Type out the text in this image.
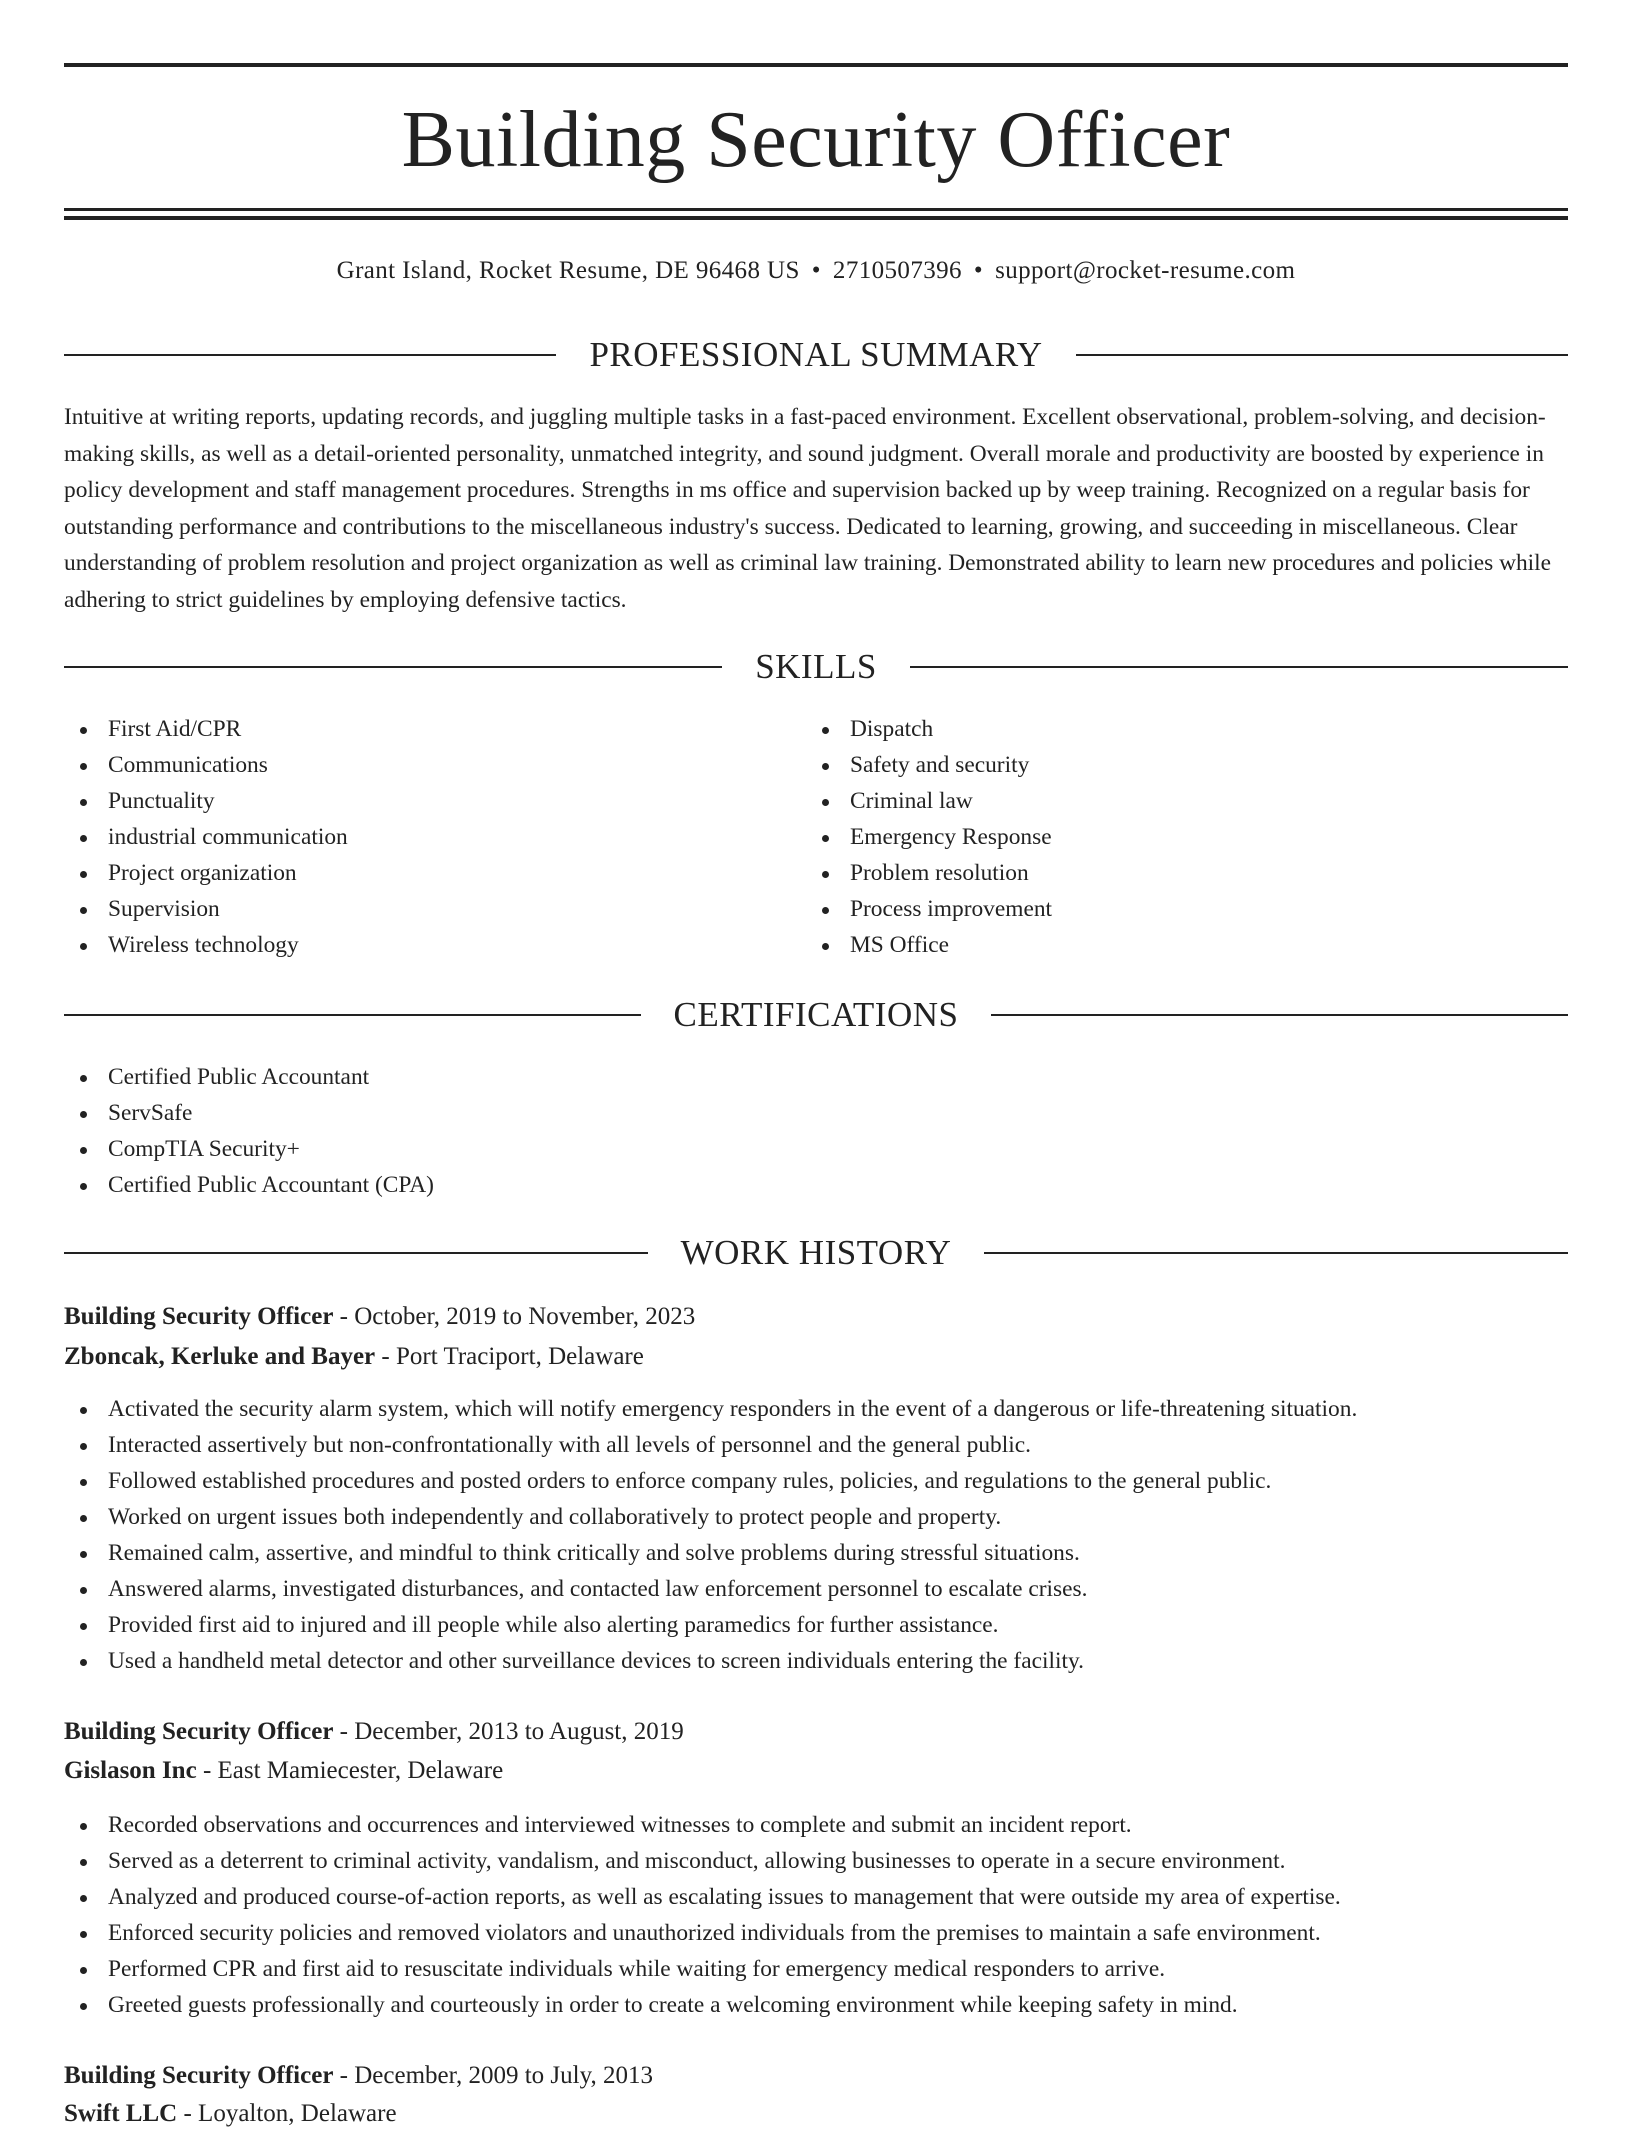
Building Security Officer
Grant Island, Rocket Resume, DE 96468 US • 2710507396 • support@rocket-resume.com
PROFESSIONAL SUMMARY

Intuitive at writing reports, updating records, and juggling multiple tasks in a fast-paced environment. Excellent observational, problem-solving, and decision-making skills, as well as a detail-oriented personality, unmatched integrity, and sound judgment. Overall morale and productivity are boosted by experience in policy development and staff management procedures. Strengths in ms office and supervision backed up by weep training. Recognized on a regular basis for outstanding performance and contributions to the miscellaneous industry's success. Dedicated to learning, growing, and succeeding in miscellaneous. Clear understanding of problem resolution and project organization as well as criminal law training. Demonstrated ability to learn new procedures and policies while adhering to strict guidelines by employing defensive tactics.

SKILLS
First Aid/CPR
Communications
Punctuality
industrial communication
Project organization
Supervision
Wireless technology
Dispatch
Safety and security
Criminal law
Emergency Response
Problem resolution
Process improvement
MS Office
CERTIFICATIONS
Certified Public Accountant
ServSafe
CompTIA Security+
Certified Public Accountant (CPA)
WORK HISTORY
Building Security Officer - October, 2019 to November, 2023
Zboncak, Kerluke and Bayer - Port Traciport, Delaware
Activated the security alarm system, which will notify emergency responders in the event of a dangerous or life-threatening situation.
Interacted assertively but non-confrontationally with all levels of personnel and the general public.
Followed established procedures and posted orders to enforce company rules, policies, and regulations to the general public.
Worked on urgent issues both independently and collaboratively to protect people and property.
Remained calm, assertive, and mindful to think critically and solve problems during stressful situations.
Answered alarms, investigated disturbances, and contacted law enforcement personnel to escalate crises.
Provided first aid to injured and ill people while also alerting paramedics for further assistance.
Used a handheld metal detector and other surveillance devices to screen individuals entering the facility.
Building Security Officer - December, 2013 to August, 2019
Gislason Inc - East Mamiecester, Delaware
Recorded observations and occurrences and interviewed witnesses to complete and submit an incident report.
Served as a deterrent to criminal activity, vandalism, and misconduct, allowing businesses to operate in a secure environment.
Analyzed and produced course-of-action reports, as well as escalating issues to management that were outside my area of expertise.
Enforced security policies and removed violators and unauthorized individuals from the premises to maintain a safe environment.
Performed CPR and first aid to resuscitate individuals while waiting for emergency medical responders to arrive.
Greeted guests professionally and courteously in order to create a welcoming environment while keeping safety in mind.
Building Security Officer - December, 2009 to July, 2013
Swift LLC - Loyalton, Delaware
